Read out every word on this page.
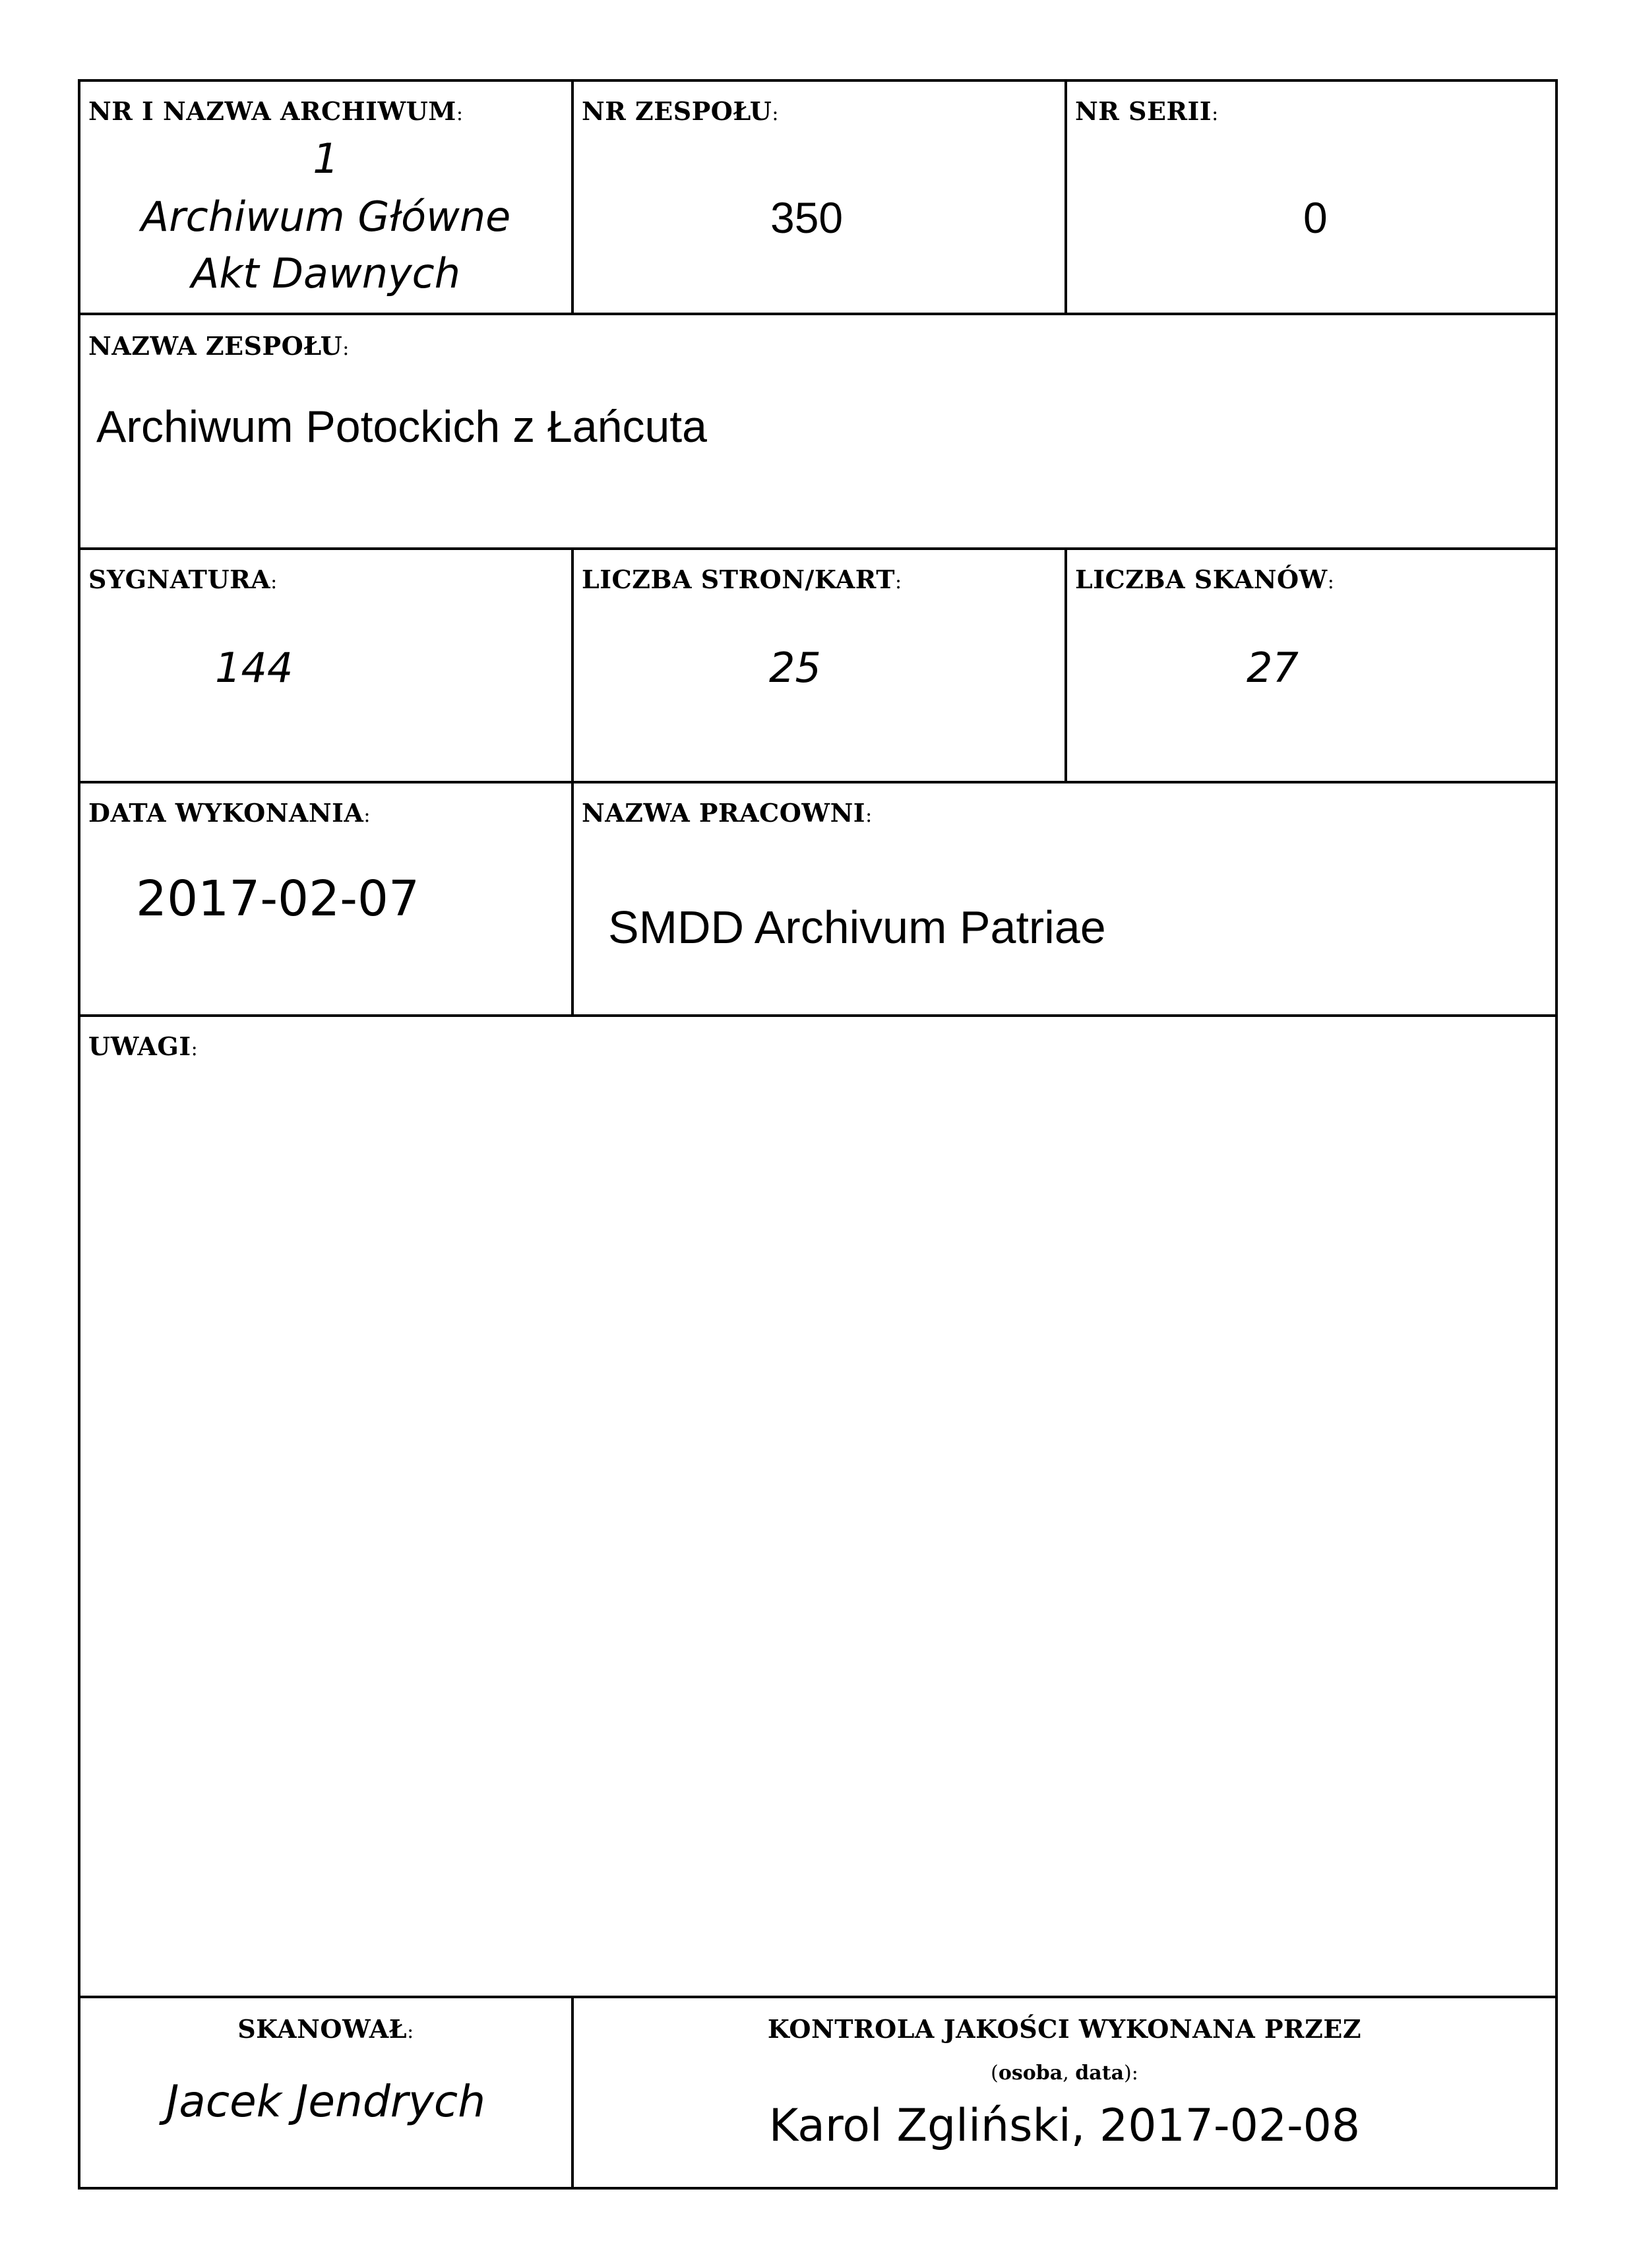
NR I NAZWA ARCHIWUM:
1
Archiwum Główne
Akt Dawnych
NR ZESPOŁU:
350
NR SERII:
0
NAZWA ZESPOŁU:
Archiwum Potockich z Łańcuta
SYGNATURA:
144
LICZBA STRON/KART:
25
LICZBA SKANÓW:
27
DATA WYKONANIA:
2017-02-07
NAZWA PRACOWNI:
SMDD Archivum Patriae
UWAGI:
SKANOWAŁ:
Jacek Jendrych
KONTROLA JAKOŚCI WYKONANA PRZEZ
(osoba, data):
Karol Zgliński, 2017-02-08
